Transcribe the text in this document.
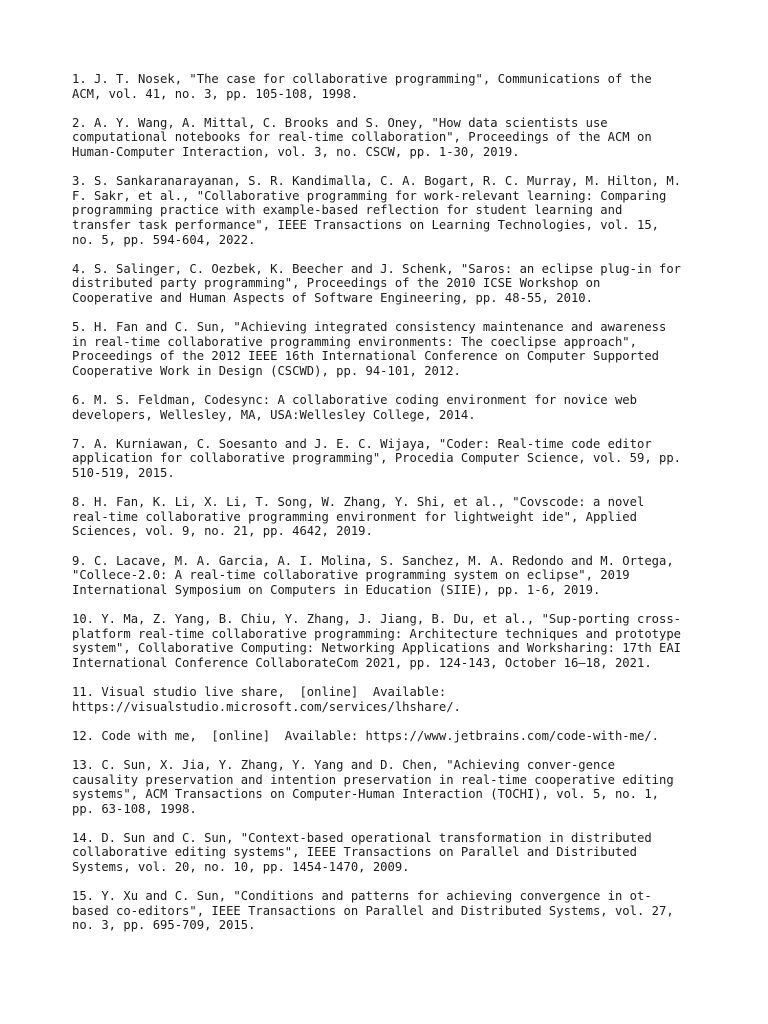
1. J. T. Nosek, "The case for collaborative programming", Communications of the
ACM, vol. 41, no. 3, pp. 105-108, 1998.

2. A. Y. Wang, A. Mittal, C. Brooks and S. Oney, "How data scientists use
computational notebooks for real-time collaboration", Proceedings of the ACM on
Human-Computer Interaction, vol. 3, no. CSCW, pp. 1-30, 2019.

3. S. Sankaranarayanan, S. R. Kandimalla, C. A. Bogart, R. C. Murray, M. Hilton, M.
F. Sakr, et al., "Collaborative programming for work-relevant learning: Comparing
programming practice with example-based reflection for student learning and
transfer task performance", IEEE Transactions on Learning Technologies, vol. 15,
no. 5, pp. 594-604, 2022.

4. S. Salinger, C. Oezbek, K. Beecher and J. Schenk, "Saros: an eclipse plug-in for
distributed party programming", Proceedings of the 2010 ICSE Workshop on
Cooperative and Human Aspects of Software Engineering, pp. 48-55, 2010.

5. H. Fan and C. Sun, "Achieving integrated consistency maintenance and awareness
in real-time collaborative programming environments: The coeclipse approach",
Proceedings of the 2012 IEEE 16th International Conference on Computer Supported
Cooperative Work in Design (CSCWD), pp. 94-101, 2012.

6. M. S. Feldman, Codesync: A collaborative coding environment for novice web
developers, Wellesley, MA, USA:Wellesley College, 2014.

7. A. Kurniawan, C. Soesanto and J. E. C. Wijaya, "Coder: Real-time code editor
application for collaborative programming", Procedia Computer Science, vol. 59, pp.
510-519, 2015.

8. H. Fan, K. Li, X. Li, T. Song, W. Zhang, Y. Shi, et al., "Covscode: a novel
real-time collaborative programming environment for lightweight ide", Applied
Sciences, vol. 9, no. 21, pp. 4642, 2019.

9. C. Lacave, M. A. Garcia, A. I. Molina, S. Sanchez, M. A. Redondo and M. Ortega,
"Collece-2.0: A real-time collaborative programming system on eclipse", 2019
International Symposium on Computers in Education (SIIE), pp. 1-6, 2019.

10. Y. Ma, Z. Yang, B. Chiu, Y. Zhang, J. Jiang, B. Du, et al., "Sup-porting cross-
platform real-time collaborative programming: Architecture techniques and prototype
system", Collaborative Computing: Networking Applications and Worksharing: 17th EAI
International Conference CollaborateCom 2021, pp. 124-143, October 16–18, 2021.

11. Visual studio live share,  [online]  Available:
https://visualstudio.microsoft.com/services/lhshare/.

12. Code with me,  [online]  Available: https://www.jetbrains.com/code-with-me/.

13. C. Sun, X. Jia, Y. Zhang, Y. Yang and D. Chen, "Achieving conver-gence
causality preservation and intention preservation in real-time cooperative editing
systems", ACM Transactions on Computer-Human Interaction (TOCHI), vol. 5, no. 1,
pp. 63-108, 1998.

14. D. Sun and C. Sun, "Context-based operational transformation in distributed
collaborative editing systems", IEEE Transactions on Parallel and Distributed
Systems, vol. 20, no. 10, pp. 1454-1470, 2009.

15. Y. Xu and C. Sun, "Conditions and patterns for achieving convergence in ot-
based co-editors", IEEE Transactions on Parallel and Distributed Systems, vol. 27,
no. 3, pp. 695-709, 2015.
